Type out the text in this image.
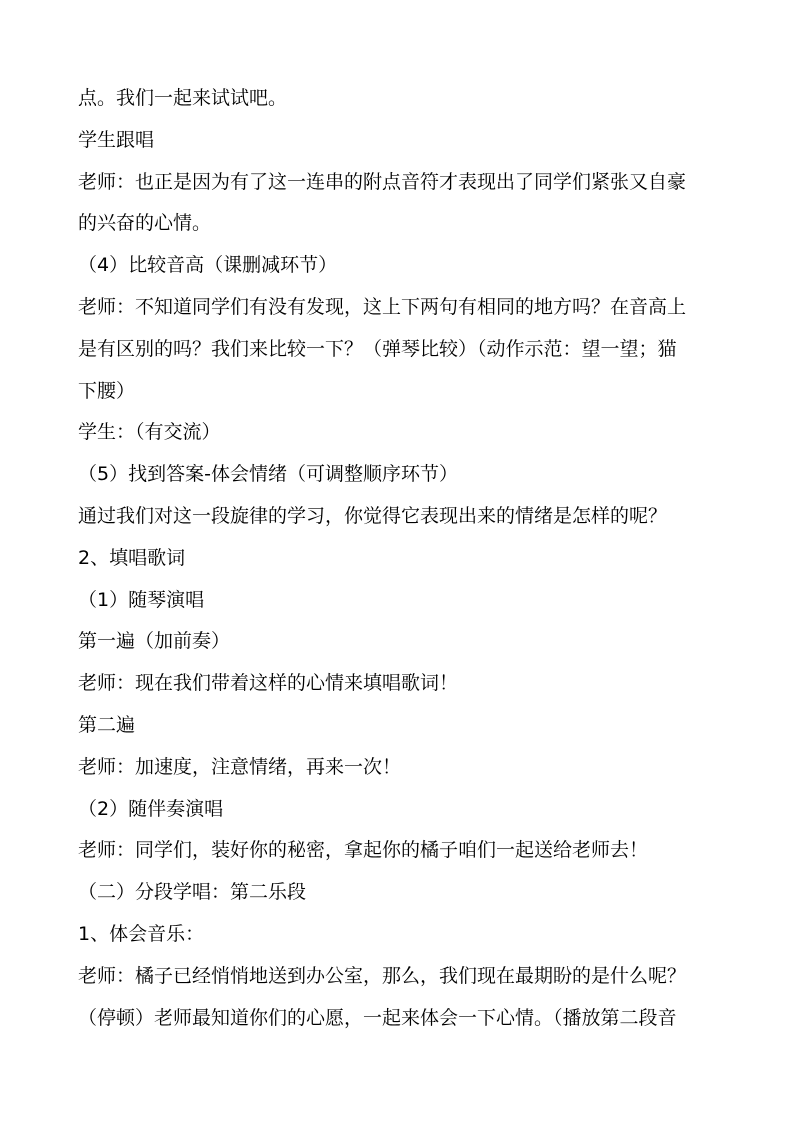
点。我们一起来试试吧。
学生跟唱
老师：也正是因为有了这一连串的附点音符才表现出了同学们紧张又自豪
的兴奋的心情。
（4）比较音高（课删减环节）
老师：不知道同学们有没有发现，这上下两句有相同的地方吗？在音高上
是有区别的吗？我们来比较一下？（弹琴比较）（动作示范：望一望；猫
下腰）
学生：（有交流）
（5）找到答案-体会情绪（可调整顺序环节）
通过我们对这一段旋律的学习，你觉得它表现出来的情绪是怎样的呢？
2、填唱歌词
（1）随琴演唱
第一遍（加前奏）
老师：现在我们带着这样的心情来填唱歌词！
第二遍
老师：加速度，注意情绪，再来一次！
（2）随伴奏演唱
老师：同学们，装好你的秘密，拿起你的橘子咱们一起送给老师去！
（二）分段学唱：第二乐段
1、体会音乐：
老师：橘子已经悄悄地送到办公室，那么，我们现在最期盼的是什么呢？
（停顿）老师最知道你们的心愿，一起来体会一下心情。（播放第二段音
